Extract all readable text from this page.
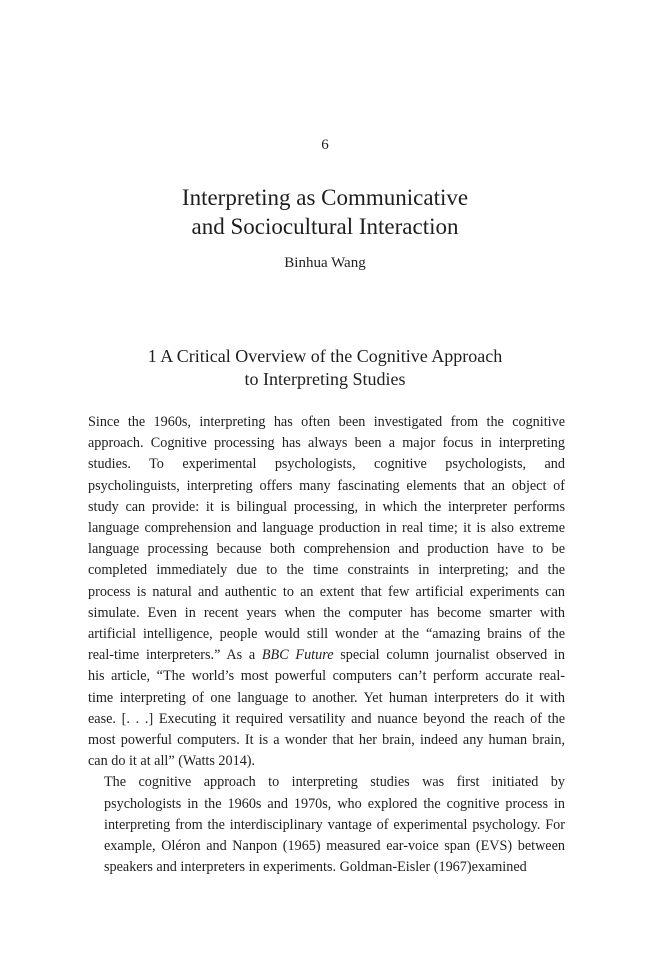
6
Interpreting as Communicative
and Sociocultural Interaction
Binhua Wang
1 A Critical Overview of the Cognitive Approach
to Interpreting Studies

Since the 1960s, interpreting has often been investigated from the cognitive
approach. Cognitive processing has always been a major focus in interpreting
studies. To experimental psychologists, cognitive psychologists, and
psycholinguists, interpreting offers many fascinating elements that an object of
study can provide: it is bilingual processing, in which the interpreter performs
language comprehension and language production in real time; it is also extreme
language processing because both comprehension and production have to be
completed immediately due to the time constraints in interpreting; and the
process is natural and authentic to an extent that few artificial experiments can
simulate. Even in recent years when the computer has become smarter with
artificial intelligence, people would still wonder at the “amazing brains of the
real-time interpreters.” As a BBC Future special column journalist observed in
his article, “The world’s most powerful computers can’t perform accurate real-
time interpreting of one language to another. Yet human interpreters do it with
ease. [. . .] Executing it required versatility and nuance beyond the reach of the
most powerful computers. It is a wonder that her brain, indeed any human brain,
can do it at all” (Watts 2014).

The cognitive approach to interpreting studies was first initiated by
psychologists in the 1960s and 1970s, who explored the cognitive process in
interpreting from the interdisciplinary vantage of experimental psychology. For
example, Oléron and Nanpon (1965) measured ear-voice span (EVS) between
speakers and interpreters in experiments. Goldman-Eisler (1967)examined
